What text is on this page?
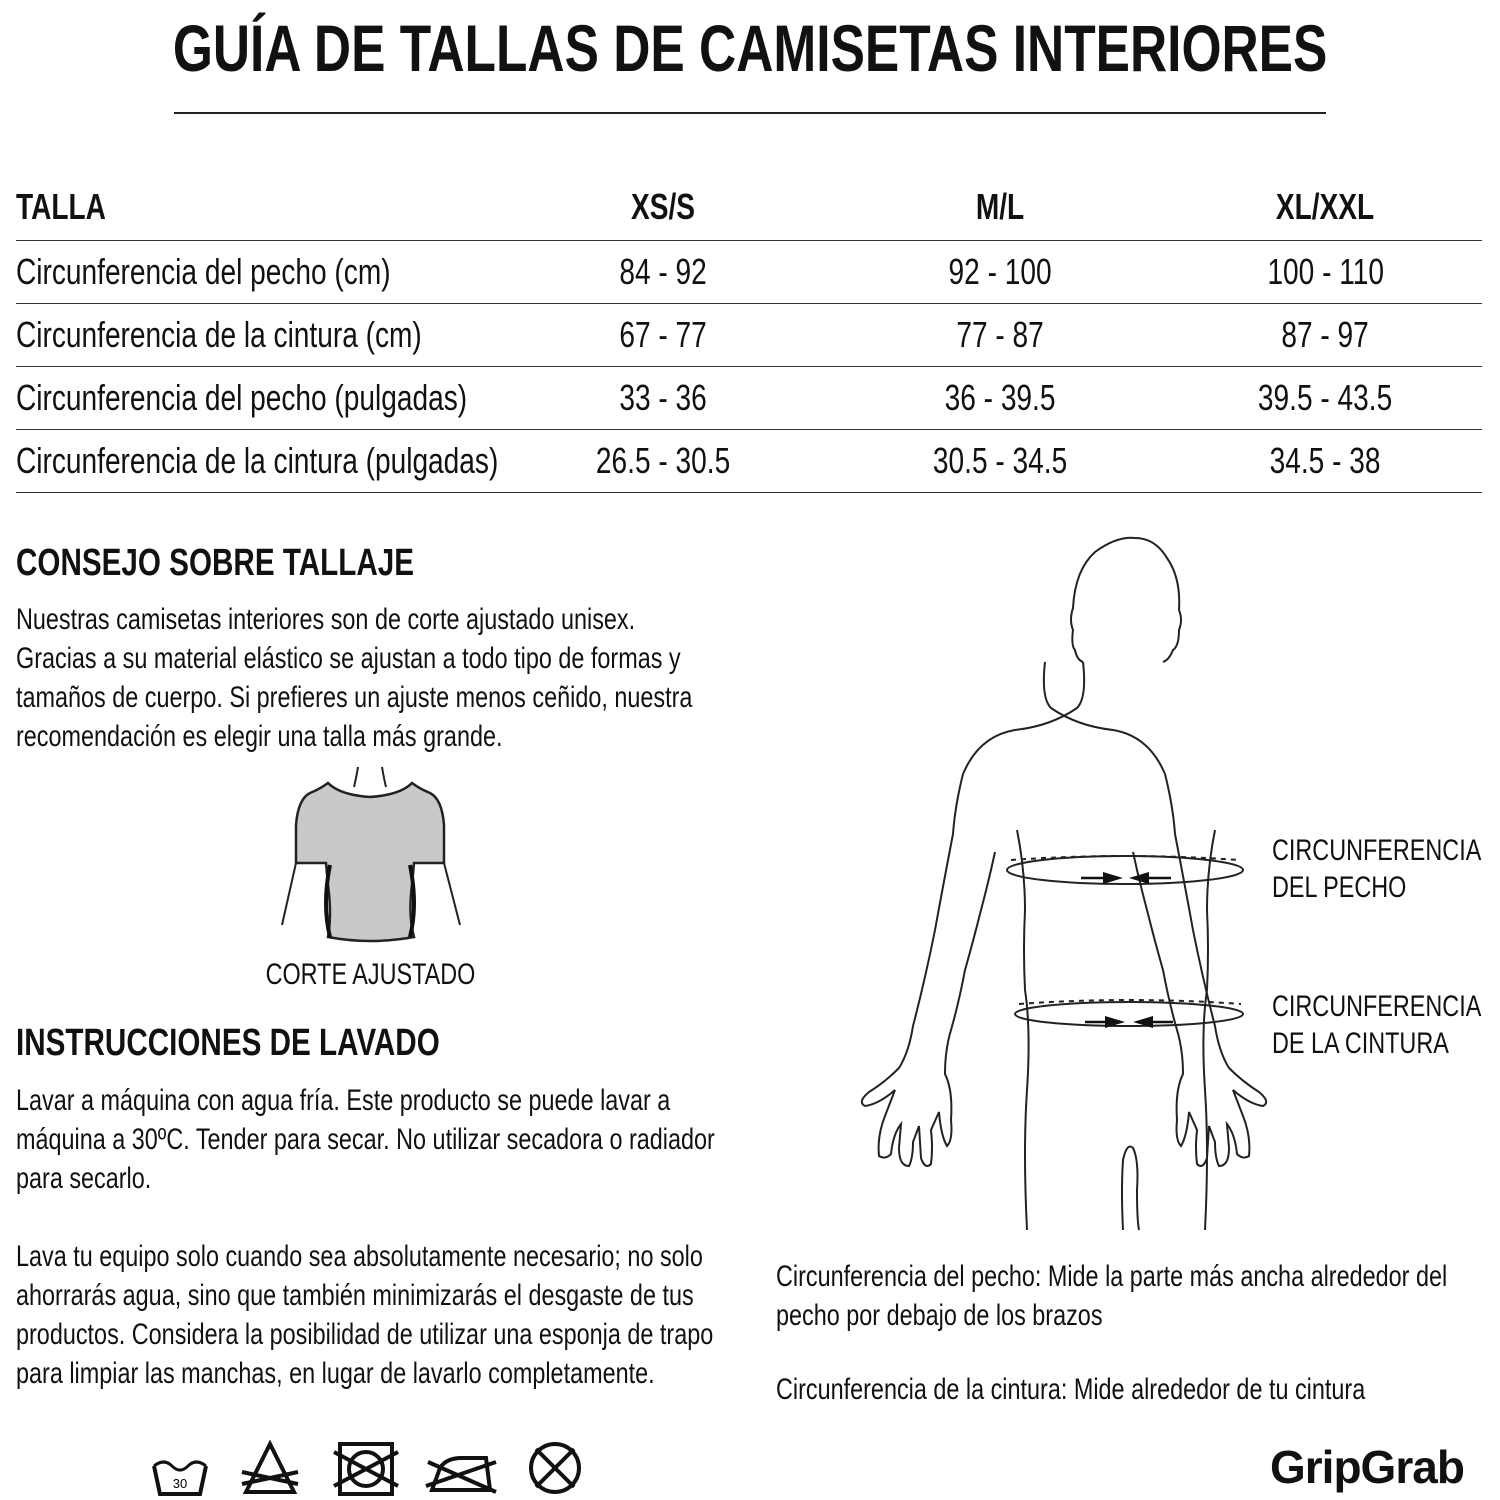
GUÍA DE TALLAS DE CAMISETAS INTERIORES
TALLA	XS/S	M/L	XL/XXL
Circunferencia del pecho (cm)	84 - 92	92 - 100	100 - 110
Circunferencia de la cintura (cm)	67 - 77	77 - 87	87 - 97
Circunferencia del pecho (pulgadas)	33 - 36	36 - 39.5	39.5 - 43.5
Circunferencia de la cintura (pulgadas)	26.5 - 30.5	30.5 - 34.5	34.5 - 38
CONSEJO SOBRE TALLAJE
Nuestras camisetas interiores son de corte ajustado unisex.
Gracias a su material elástico se ajustan a todo tipo de formas y
tamaños de cuerpo. Si prefieres un ajuste menos ceñido, nuestra
recomendación es elegir una talla más grande.
CORTE AJUSTADO
INSTRUCCIONES DE LAVADO
Lavar a máquina con agua fría. Este producto se puede lavar a
máquina a 30ºC. Tender para secar. No utilizar secadora o radiador
para secarlo.
Lava tu equipo solo cuando sea absolutamente necesario; no solo
ahorrarás agua, sino que también minimizarás el desgaste de tus
productos. Considera la posibilidad de utilizar una esponja de trapo
para limpiar las manchas, en lugar de lavarlo completamente.
30
CIRCUNFERENCIA
DEL PECHO
CIRCUNFERENCIA
DE LA CINTURA
Circunferencia del pecho: Mide la parte más ancha alrededor del
pecho por debajo de los brazos
Circunferencia de la cintura: Mide alrededor de tu cintura
GripGrab
